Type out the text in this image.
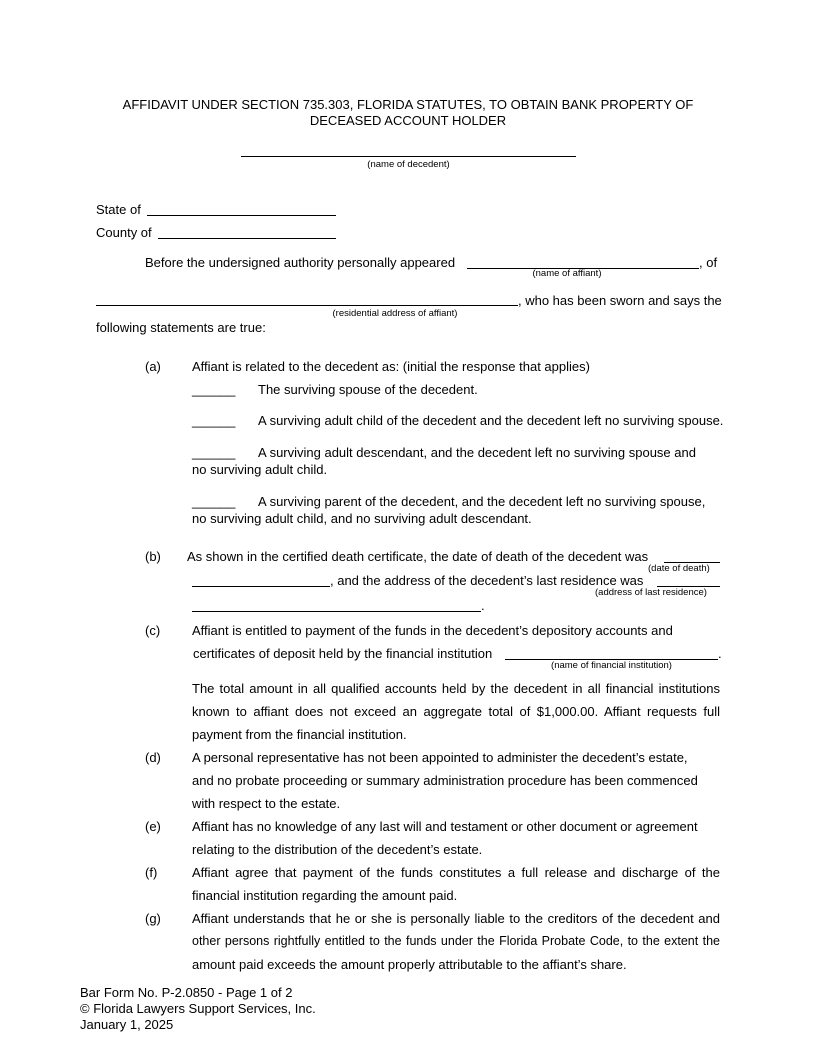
AFFIDAVIT UNDER SECTION 735.303, FLORIDA STATUTES, TO OBTAIN BANK PROPERTY OF
DECEASED ACCOUNT HOLDER
(name of decedent)
State of
County of
Before the undersigned authority personally appeared	, of
(name of affiant)
, who has been sworn and says the
(residential address of affiant)
following statements are true:
(a) Affiant is related to the decedent as: (initial the response that applies)
______ The surviving spouse of the decedent.
______ A surviving adult child of the decedent and the decedent left no surviving spouse.
______ A surviving adult descendant, and the decedent left no surviving spouse and
no surviving adult child.
______ A surviving parent of the decedent, and the decedent left no surviving spouse,
no surviving adult child, and no surviving adult descendant.
(b) As shown in the certified death certificate, the date of death of the decedent was
(date of death)
, and the address of the decedent’s last residence was
(address of last residence)
.
(c) Affiant is entitled to payment of the funds in the decedent’s depository accounts and
certificates of deposit held by the financial institution	.
(name of financial institution)
The total amount in all qualified accounts held by the decedent in all financial institutions
known to affiant does not exceed an aggregate total of $1,000.00. Affiant requests full
payment from the financial institution.
(d) A personal representative has not been appointed to administer the decedent’s estate,
and no probate proceeding or summary administration procedure has been commenced
with respect to the estate.
(e) Affiant has no knowledge of any last will and testament or other document or agreement
relating to the distribution of the decedent’s estate.
(f)	Affiant agree that payment of the funds constitutes a full release and discharge of the
financial institution regarding the amount paid.
(g) Affiant understands that he or she is personally liable to the creditors of the decedent and
other persons rightfully entitled to the funds under the Florida Probate Code, to the extent the
amount paid exceeds the amount properly attributable to the affiant’s share.
Bar Form No. P-2.0850 - Page 1 of 2
© Florida Lawyers Support Services, Inc.
January 1, 2025
